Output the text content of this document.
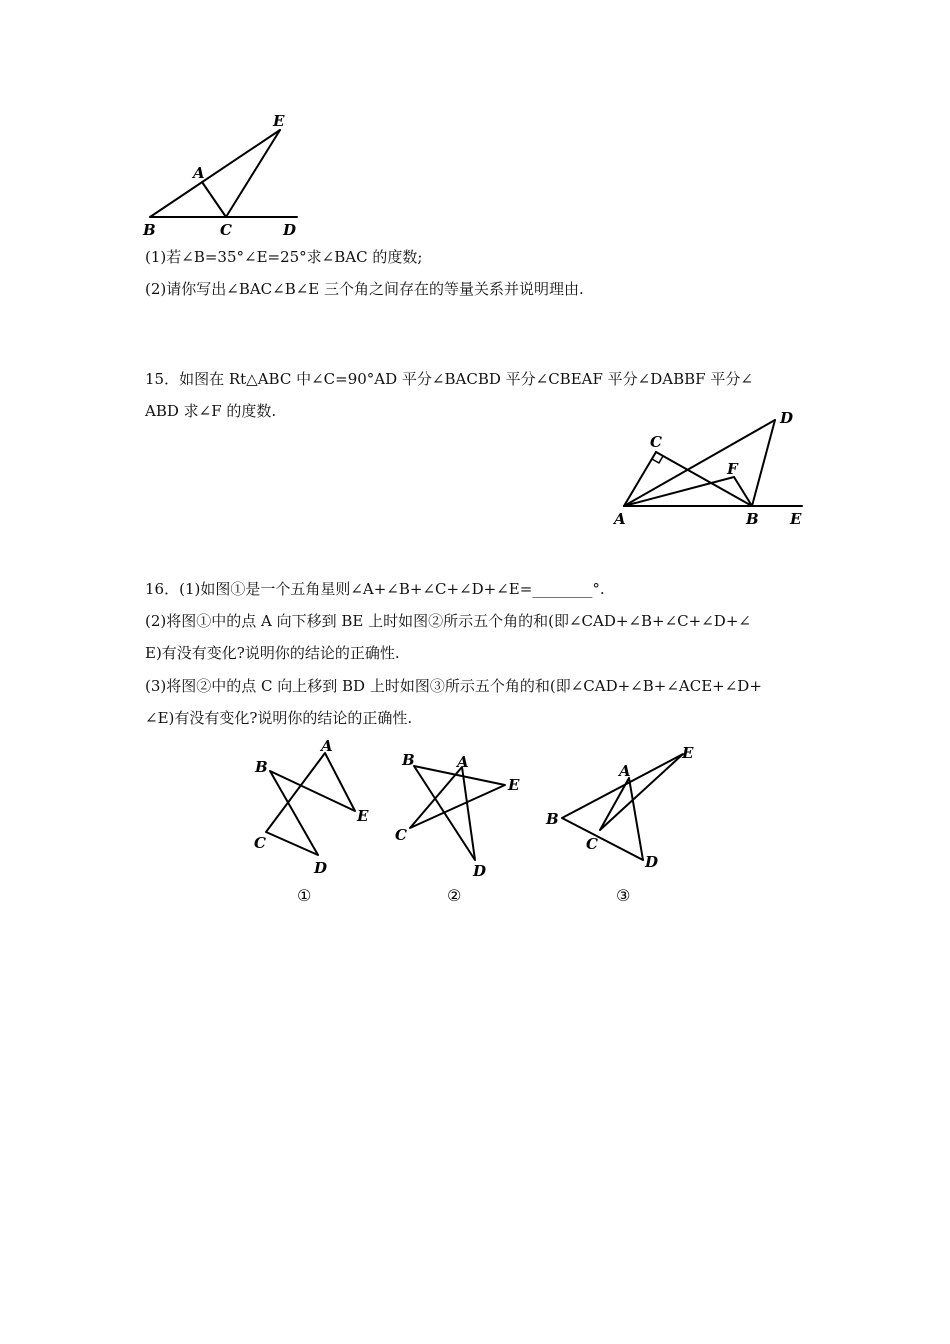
E
A
B	C	D
(1)若∠B=35°∠E=25°求∠BAC 的度数;
(2)请你写出∠BAC∠B∠E 三个角之间存在的等量关系并说明理由.
15．如图在 Rt△ABC 中∠C=90°AD 平分∠BACBD 平分∠CBEAF 平分∠DABBF 平分∠
ABD 求∠F 的度数.
C
D
F
A	B E
16．(1)如图①是一个五角星则∠A+∠B+∠C+∠D+∠E=________°.
(2)将图①中的点 A 向下移到 BE 上时如图②所示五个角的和(即∠CAD+∠B+∠C+∠D+∠
E)有没有变化?说明你的结论的正确性.
(3)将图②中的点 C 向上移到 BD 上时如图③所示五个角的和(即∠CAD+∠B+∠ACE+∠D+
∠E)有没有变化?说明你的结论的正确性.
A
B
C
D
E
①
B	A
E
C
D
②
E
A
B
C
D
③
